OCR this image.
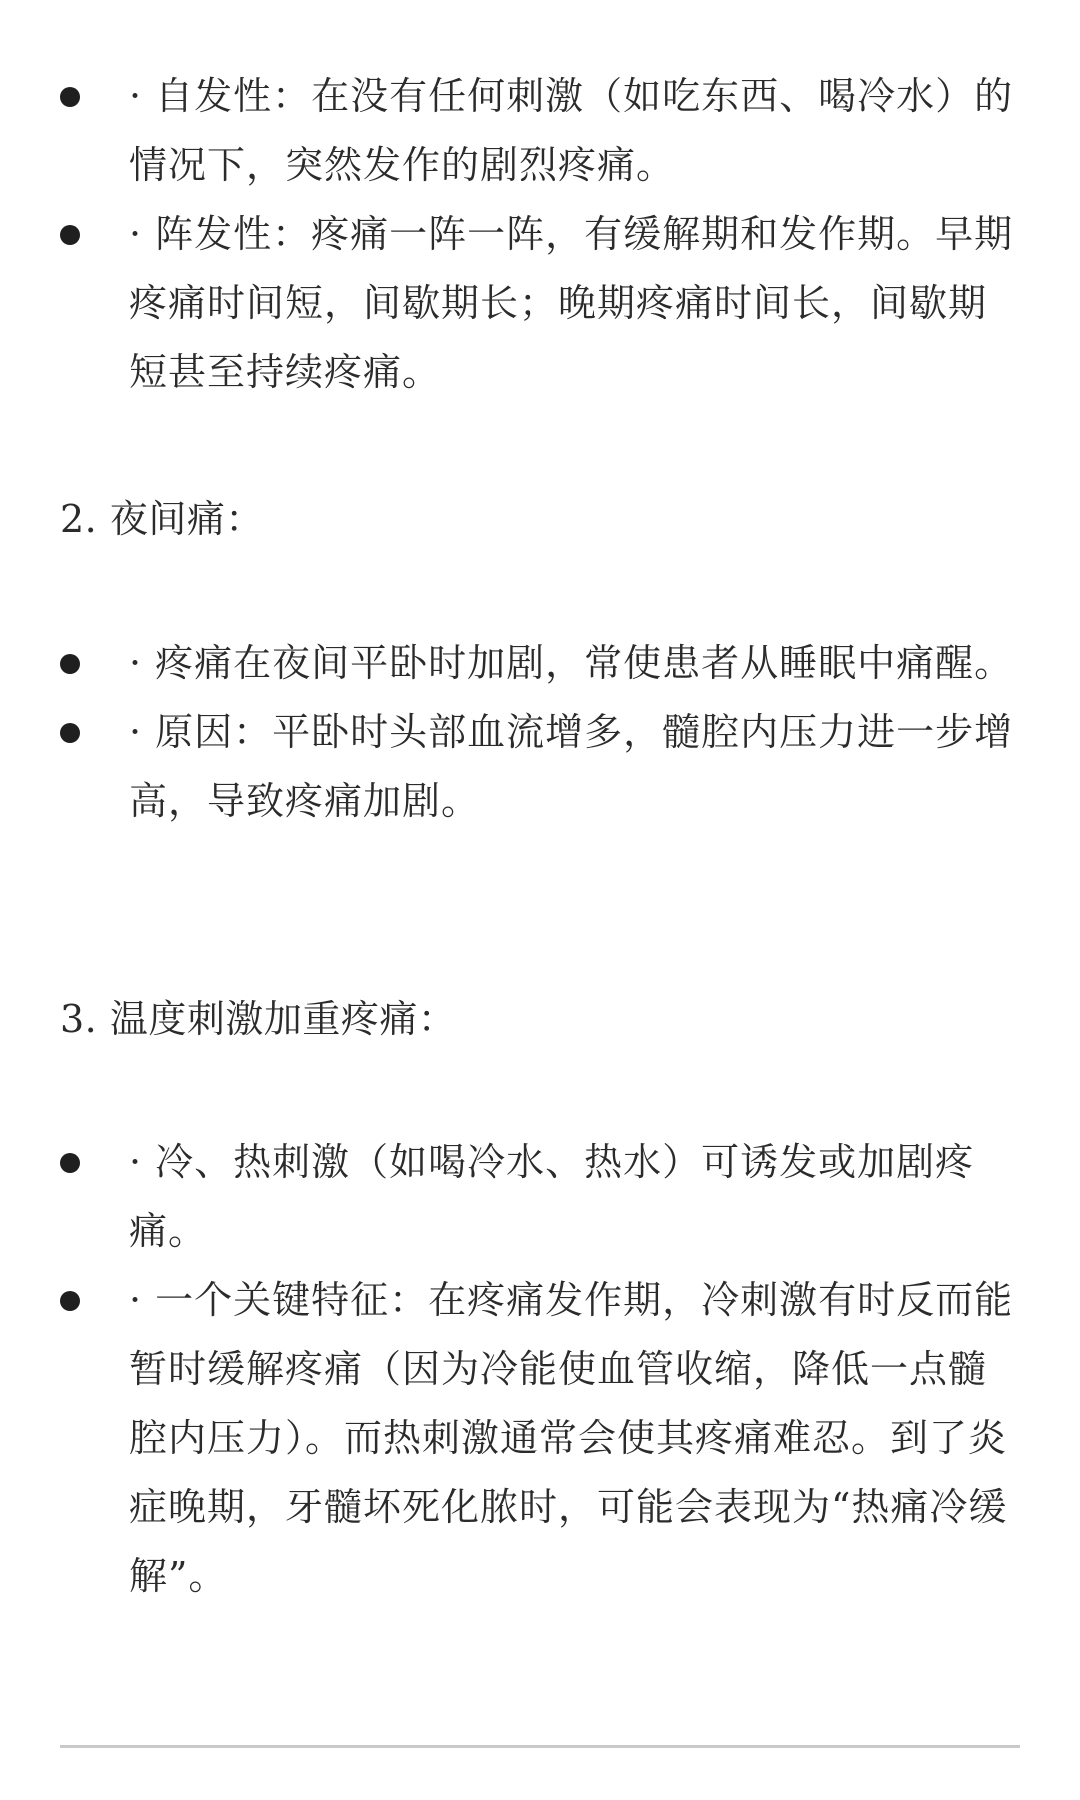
· 自发性：在没有任何刺激（如吃东西、喝冷水）的情况下，突然发作的剧烈疼痛。
· 阵发性：疼痛一阵一阵，有缓解期和发作期。早期疼痛时间短，间歇期长；晚期疼痛时间长，间歇期短甚至持续疼痛。
2. 夜间痛：
· 疼痛在夜间平卧时加剧，常使患者从睡眠中痛醒。
· 原因：平卧时头部血流增多，髓腔内压力进一步增高，导致疼痛加剧。
3. 温度刺激加重疼痛：
· 冷、热刺激（如喝冷水、热水）可诱发或加剧疼痛。
· 一个关键特征：在疼痛发作期，冷刺激有时反而能暂时缓解疼痛（因为冷能使血管收缩，降低一点髓腔内压力）。而热刺激通常会使其疼痛难忍。到了炎症晚期，牙髓坏死化脓时，可能会表现为“热痛冷缓解”。
